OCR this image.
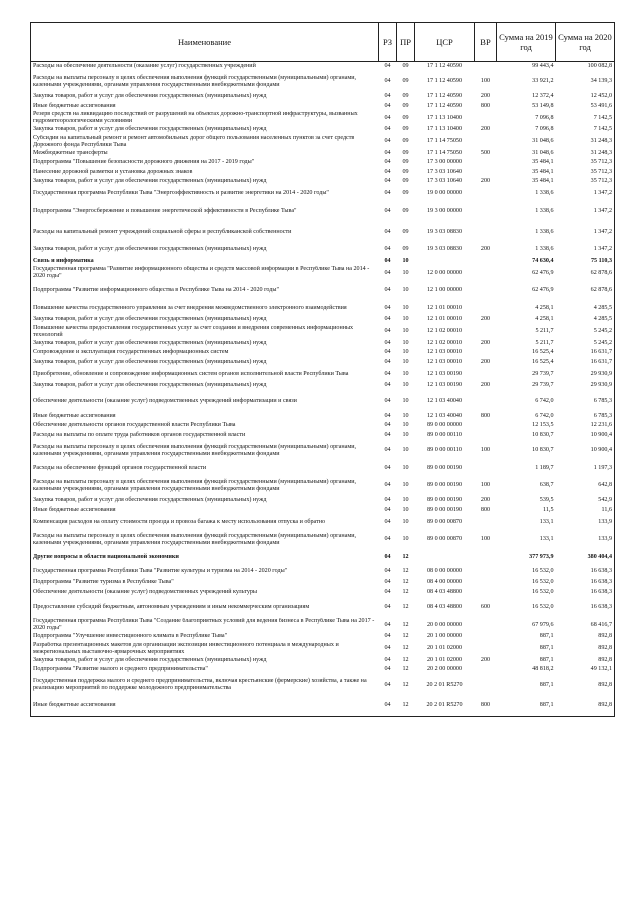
Наименование	РЗ	ПР	ЦСР	ВР	Сумма на 2019 год	Сумма на 2020 год
Расходы на обеспечение деятельности (оказание услуг) государственных учреждений	04	09	17 1 12 40590		99 443,4	100 082,8
Расходы на выплаты персоналу в целях обеспечения выполнения функций государственными (муниципальными) органами, казенными учреждениями, органами управления государственными внебюджетными фондами	04	09	17 1 12 40590	100	33 921,2	34 139,3
Закупка товаров, работ и услуг для обеспечения государственных (муниципальных) нужд	04	09	17 1 12 40590	200	12 372,4	12 452,0
Иные бюджетные ассигнования	04	09	17 1 12 40590	800	53 149,8	53 491,6
Резерв средств на ликвидацию последствий от разрушений на объектах дорожно-транспортной инфраструктуры, вызванных гидрометеорологическими условиями	04	09	17 1 13 10400		7 096,8	7 142,5
Закупка товаров, работ и услуг для обеспечения государственных (муниципальных) нужд	04	09	17 1 13 10400	200	7 096,8	7 142,5
Субсидии на капитальный ремонт и ремонт автомобильных дорог общего пользования населенных пунктов за счет средств Дорожного фонда Республики Тыва	04	09	17 1 14 75050		31 048,6	31 248,3
Межбюджетные трансферты	04	09	17 1 14 75050	500	31 048,6	31 248,3
Подпрограмма "Повышение безопасности дорожного движения на 2017 - 2019 годы"	04	09	17 3 00 00000		35 484,1	35 712,3
Нанесение дорожной разметки и установка дорожных знаков	04	09	17 3 03 10640		35 484,1	35 712,3
Закупка товаров, работ и услуг для обеспечения государственных (муниципальных) нужд	04	09	17 3 03 10640	200	35 484,1	35 712,3
Государственная программа Республики Тыва "Энергоэффективность и развитие энергетики на 2014 - 2020 годы"	04	09	19 0 00 00000		1 338,6	1 347,2
Подпрограмма "Энергосбережение и повышение энергетической эффективности в Республике Тыва"	04	09	19 3 00 00000		1 338,6	1 347,2
Расходы на капитальный ремонт учреждений социальной сферы и республиканской собственности	04	09	19 3 03 08830		1 338,6	1 347,2
Закупка товаров, работ и услуг для обеспечения государственных (муниципальных) нужд	04	09	19 3 03 08830	200	1 338,6	1 347,2
Связь и информатика	04	10			74 630,4	75 110,3
Государственная программа "Развитие информационного общества и средств массовой информации в Республике Тыва на 2014 - 2020 годы"	04	10	12 0 00 00000		62 476,9	62 878,6
Подпрограмма "Развитие информационного общества в Республике Тыва на 2014 - 2020 годы"	04	10	12 1 00 00000		62 476,9	62 878,6
Повышение качества государственного управления за счет внедрения межведомственного электронного взаимодействия	04	10	12 1 01 00010		4 258,1	4 285,5
Закупка товаров, работ и услуг для обеспечения государственных (муниципальных) нужд	04	10	12 1 01 00010	200	4 258,1	4 285,5
Повышение качества предоставления государственных услуг за счет создания и внедрения современных информационных технологий	04	10	12 1 02 00010		5 211,7	5 245,2
Закупка товаров, работ и услуг для обеспечения государственных (муниципальных) нужд	04	10	12 1 02 00010	200	5 211,7	5 245,2
Сопровождение и эксплуатация государственных информационных систем	04	10	12 1 03 00010		16 525,4	16 631,7
Закупка товаров, работ и услуг для обеспечения государственных (муниципальных) нужд	04	10	12 1 03 00010	200	16 525,4	16 631,7
Приобретение, обновление и сопровождение информационных систем органов исполнительной власти Республики Тыва	04	10	12 1 03 00190		29 739,7	29 930,9
Закупка товаров, работ и услуг для обеспечения государственных (муниципальных) нужд	04	10	12 1 03 00190	200	29 739,7	29 930,9
Обеспечение деятельности (оказание услуг) подведомственных учреждений информатизации и связи	04	10	12 1 03 40040		6 742,0	6 785,3
Иные бюджетные ассигнования	04	10	12 1 03 40040	800	6 742,0	6 785,3
Обеспечение деятельности органов государственной власти Республики Тыва	04	10	89 0 00 00000		12 153,5	12 231,6
Расходы на выплаты по оплате труда работников органов государственной власти	04	10	89 0 00 00110		10 830,7	10 900,4
Расходы на выплаты персоналу в целях обеспечения выполнения функций государственными (муниципальными) органами, казенными учреждениями, органами управления государственными внебюджетными фондами	04	10	89 0 00 00110	100	10 830,7	10 900,4
Расходы на обеспечение функций органов государственной власти	04	10	89 0 00 00190		1 189,7	1 197,3
Расходы на выплаты персоналу в целях обеспечения выполнения функций государственными (муниципальными) органами, казенными учреждениями, органами управления государственными внебюджетными фондами	04	10	89 0 00 00190	100	638,7	642,8
Закупка товаров, работ и услуг для обеспечения государственных (муниципальных) нужд	04	10	89 0 00 00190	200	539,5	542,9
Иные бюджетные ассигнования	04	10	89 0 00 00190	800	11,5	11,6
Компенсация расходов на оплату стоимости проезда и провоза багажа к месту использования отпуска и обратно	04	10	89 0 00 00870		133,1	133,9
Расходы на выплаты персоналу в целях обеспечения выполнения функций государственными (муниципальными) органами, казенными учреждениями, органами управления государственными внебюджетными фондами	04	10	89 0 00 00870	100	133,1	133,9
Другие вопросы в области национальной экономики	04	12			377 973,9	380 404,4
Государственная программа Республики Тыва "Развитие культуры и туризма на 2014 - 2020 годы"	04	12	08 0 00 00000		16 532,0	16 638,3
Подпрограмма "Развитие туризма в Республике Тыва"	04	12	08 4 00 00000		16 532,0	16 638,3
Обеспечение деятельности (оказание услуг) подведомственных учреждений культуры	04	12	08 4 03 48800		16 532,0	16 638,3
Предоставление субсидий бюджетным, автономным учреждениям и иным некоммерческим организациям	04	12	08 4 03 48800	600	16 532,0	16 638,3
Государственная программа Республики Тыва "Создание благоприятных условий для ведения бизнеса в Республике Тыва на 2017 - 2020 годы"	04	12	20 0 00 00000		67 979,6	68 416,7
Подпрограмма "Улучшение инвестиционного климата в Республике Тыва"	04	12	20 1 00 00000		887,1	892,8
Разработка презентационных макетов для организации экспозиции инвестиционного потенциала в международных и межрегиональных выставочно-ярмарочных мероприятиях	04	12	20 1 01 02000		887,1	892,8
Закупка товаров, работ и услуг для обеспечения государственных (муниципальных) нужд	04	12	20 1 01 02000	200	887,1	892,8
Подпрограмма "Развитие малого и среднего предпринимательства"	04	12	20 2 00 00000		48 818,2	49 132,1
Государственная поддержка малого и среднего предпринимательства, включая крестьянские (фермерские) хозяйства, а также на реализацию мероприятий по поддержке молодежного предпринимательства	04	12	20 2 01 R5270		887,1	892,8
Иные бюджетные ассигнования	04	12	20 2 01 R5270	800	887,1	892,8
